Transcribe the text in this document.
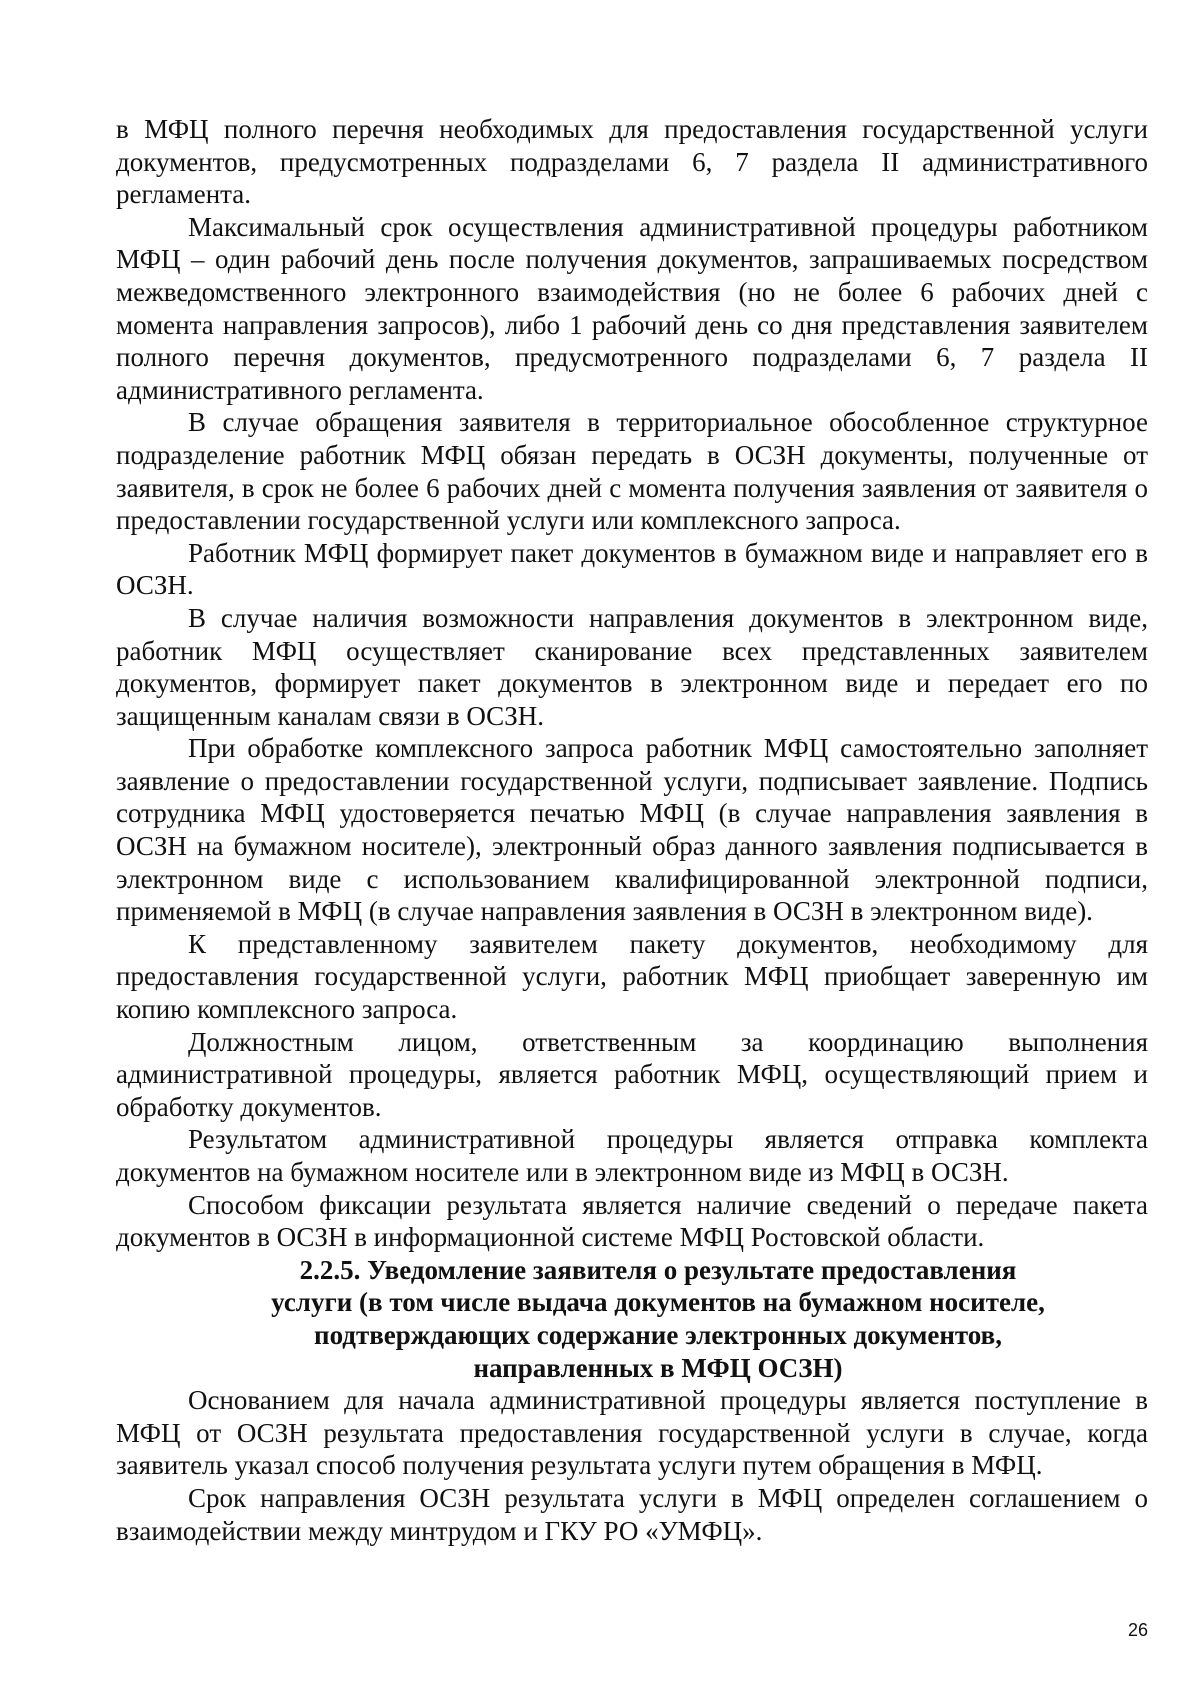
в МФЦ полного перечня необходимых для предоставления государственной услуги документов, предусмотренных подразделами 6, 7 раздела II административного регламента.

Максимальный срок осуществления административной процедуры работником МФЦ – один рабочий день после получения документов, запрашиваемых посредством межведомственного электронного взаимодействия (но не более 6 рабочих дней с момента направления запросов), либо 1 рабочий день со дня представления заявителем полного перечня документов, предусмотренного подразделами 6, 7 раздела II административного регламента.

В случае обращения заявителя в территориальное обособленное структурное подразделение работник МФЦ обязан передать в ОСЗН документы, полученные от заявителя, в срок не более 6 рабочих дней с момента получения заявления от заявителя о предоставлении государственной услуги или комплексного запроса.

Работник МФЦ формирует пакет документов в бумажном виде и направляет его в ОСЗН.

В случае наличия возможности направления документов в электронном виде, работник МФЦ осуществляет сканирование всех представленных заявителем документов, формирует пакет документов в электронном виде и передает его по защищенным каналам связи в ОСЗН.

При обработке комплексного запроса работник МФЦ самостоятельно заполняет заявление о предоставлении государственной услуги, подписывает заявление. Подпись сотрудника МФЦ удостоверяется печатью МФЦ (в случае направления заявления в ОСЗН на бумажном носителе), электронный образ данного заявления подписывается в электронном виде с использованием квалифицированной электронной подписи, применяемой в МФЦ (в случае направления заявления в ОСЗН в электронном виде).

К представленному заявителем пакету документов, необходимому для предоставления государственной услуги, работник МФЦ приобщает заверенную им копию комплексного запроса.

Должностным лицом, ответственным за координацию выполнения административной процедуры, является работник МФЦ, осуществляющий прием и обработку документов.

Результатом административной процедуры является отправка комплекта документов на бумажном носителе или в электронном виде из МФЦ в ОСЗН.

Способом фиксации результата является наличие сведений о передаче пакета документов в ОСЗН в информационной системе МФЦ Ростовской области.

2.2.5. Уведомление заявителя о результате предоставления
услуги (в том числе выдача документов на бумажном носителе,
подтверждающих содержание электронных документов,
направленных в МФЦ ОСЗН)

Основанием для начала административной процедуры является поступление в МФЦ от ОСЗН результата предоставления государственной услуги в случае, когда заявитель указал способ получения результата услуги путем обращения в МФЦ.

Срок направления ОСЗН результата услуги в МФЦ определен соглашением о взаимодействии между минтрудом и ГКУ РО «УМФЦ».

26
